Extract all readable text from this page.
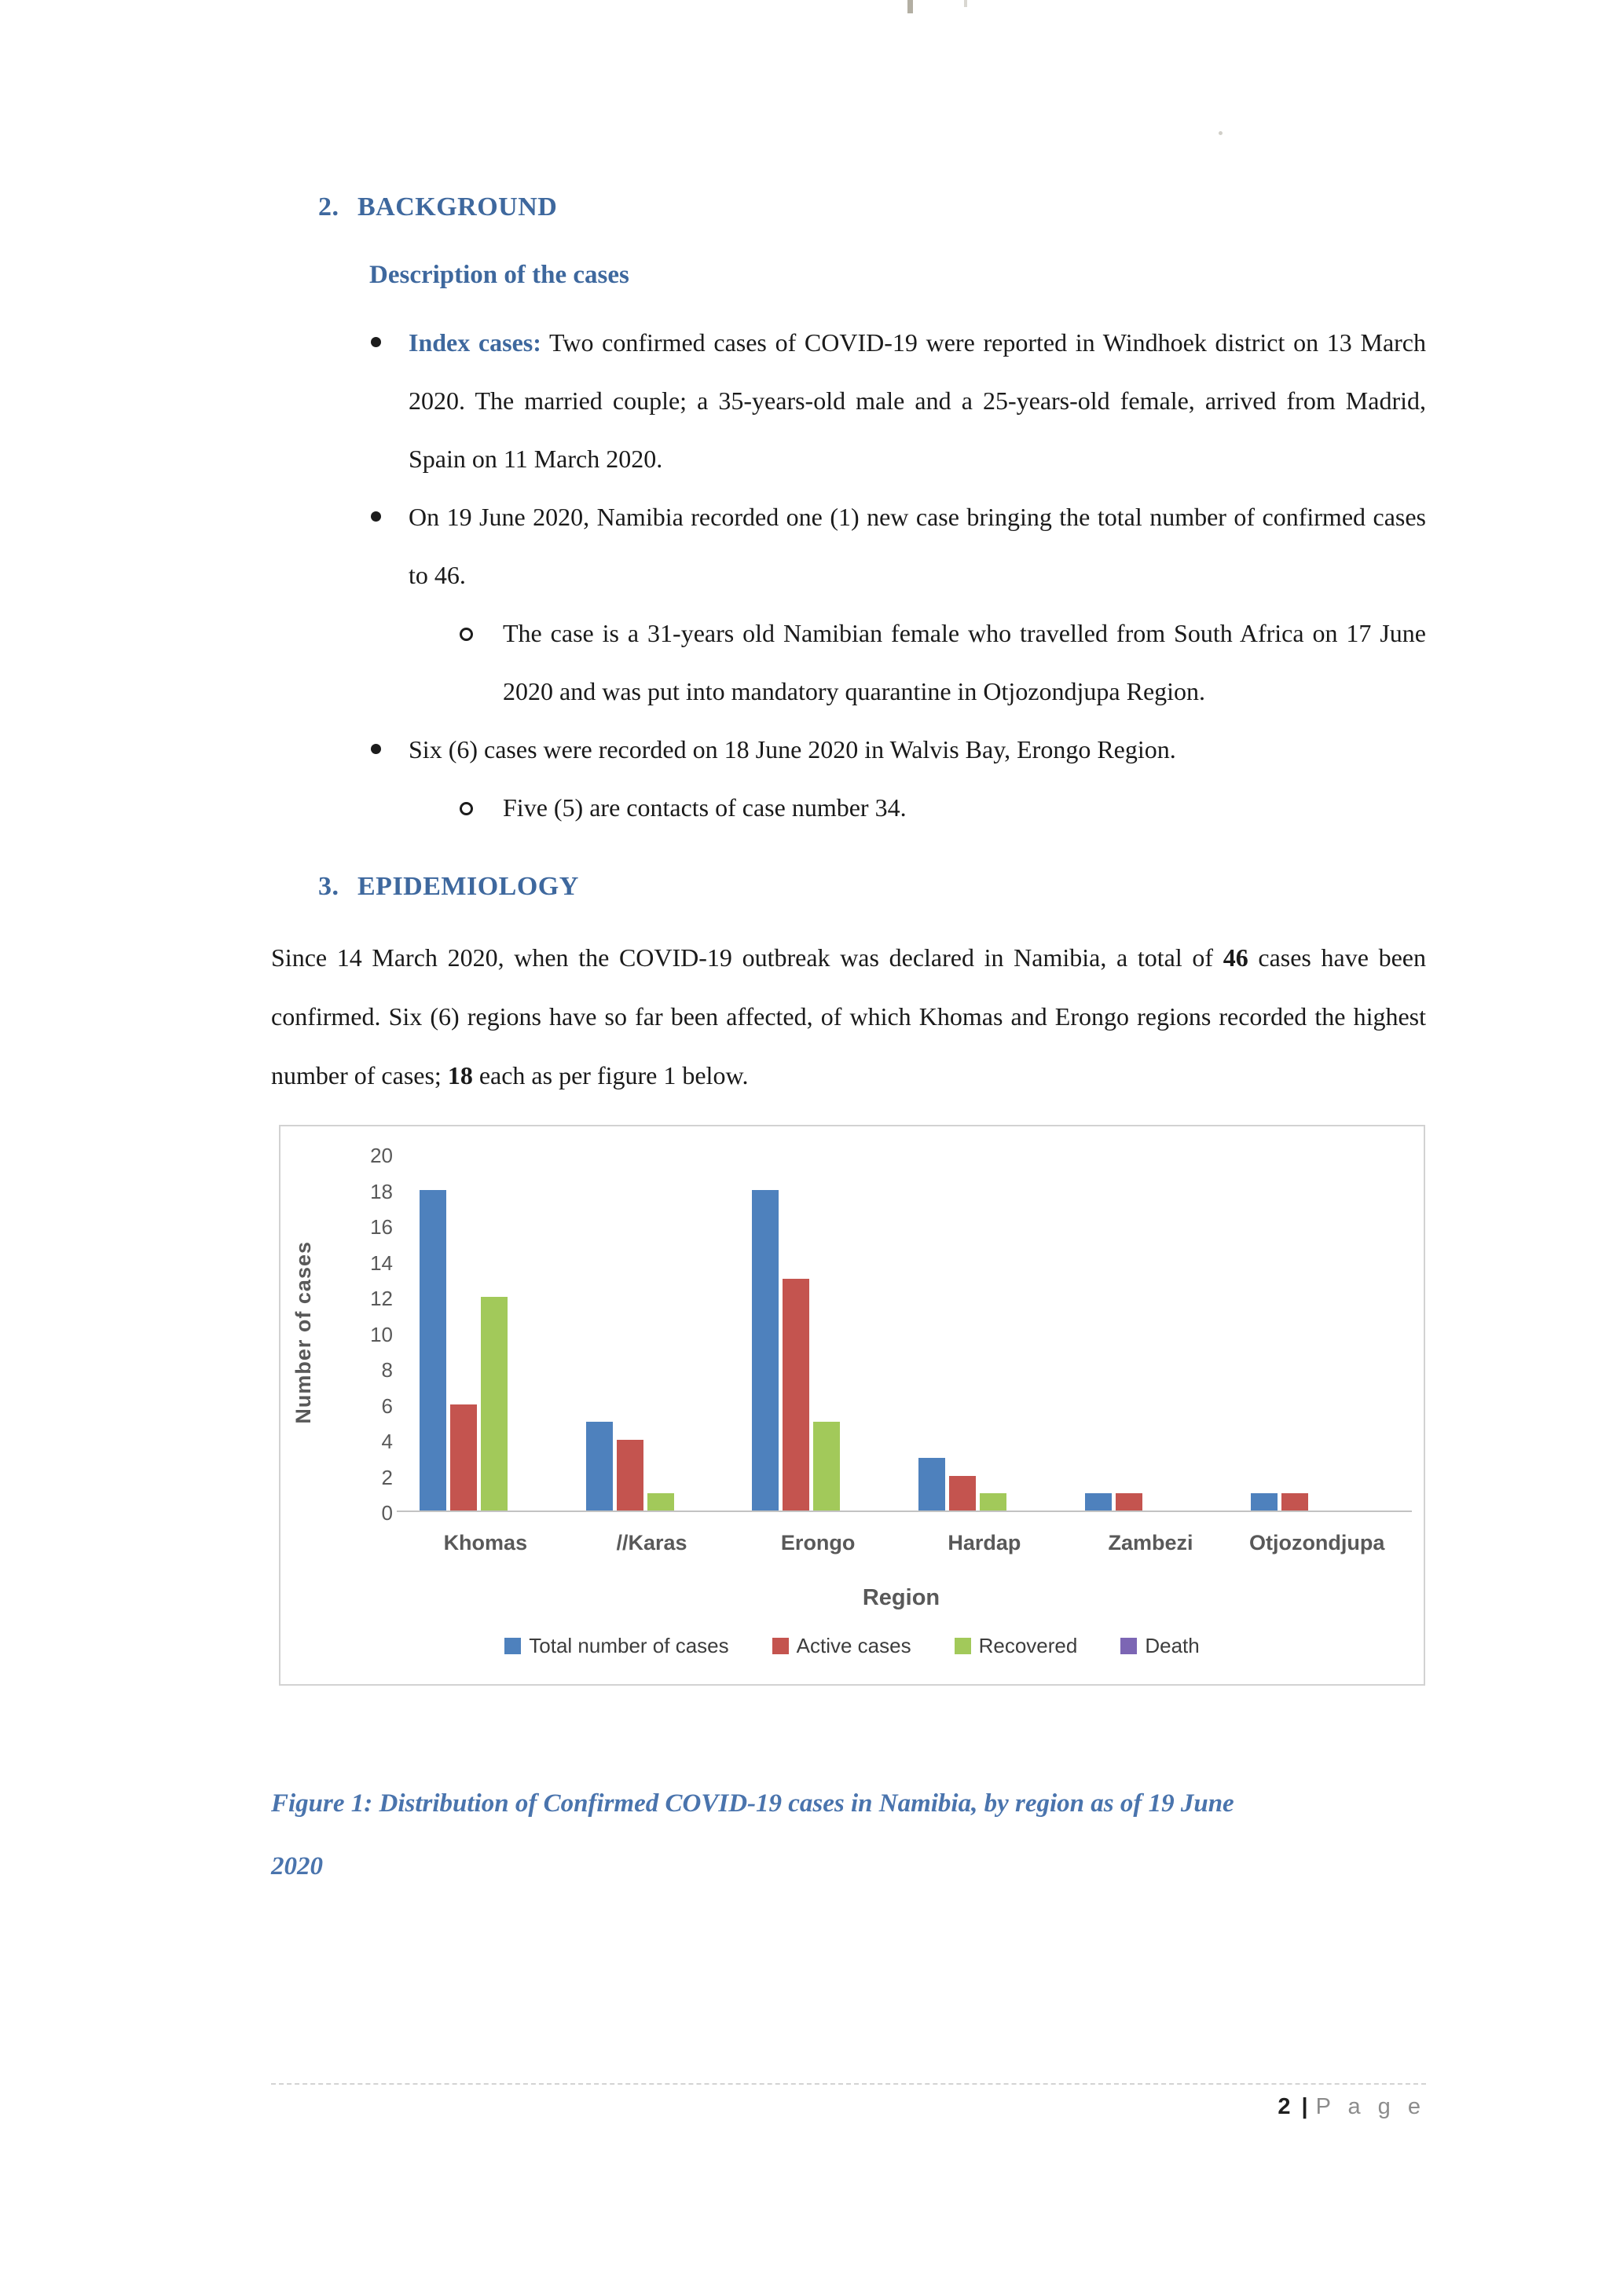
2. BACKGROUND

Description of the cases

Index cases: Two confirmed cases of COVID-19 were reported in Windhoek district on 13 March 2020. The married couple; a 35-years-old male and a 25-years-old female, arrived from Madrid, Spain on 11 March 2020.
On 19 June 2020, Namibia recorded one (1) new case bringing the total number of confirmed cases to 46.
The case is a 31-years old Namibian female who travelled from South Africa on 17 June 2020 and was put into mandatory quarantine in Otjozondjupa Region.
Six (6) cases were recorded on 18 June 2020 in Walvis Bay, Erongo Region.
Five (5) are contacts of case number 34.
3. EPIDEMIOLOGY

Since 14 March 2020, when the COVID-19 outbreak was declared in Namibia, a total of 46 cases have been confirmed. Six (6) regions have so far been affected, of which Khomas and Erongo regions recorded the highest number of cases; 18 each as per figure 1 below.

Number of cases
20
18
16
14
12
10
8
6
4
2
0
Khomas	//Karas	Erongo	Hardap	Zambezi	Otjozondjupa
Region
Total number of cases	Active cases	Recovered	Death

Figure 1: Distribution of Confirmed COVID-19 cases in Namibia, by region as of 19 June
2020

2 | P a g e
